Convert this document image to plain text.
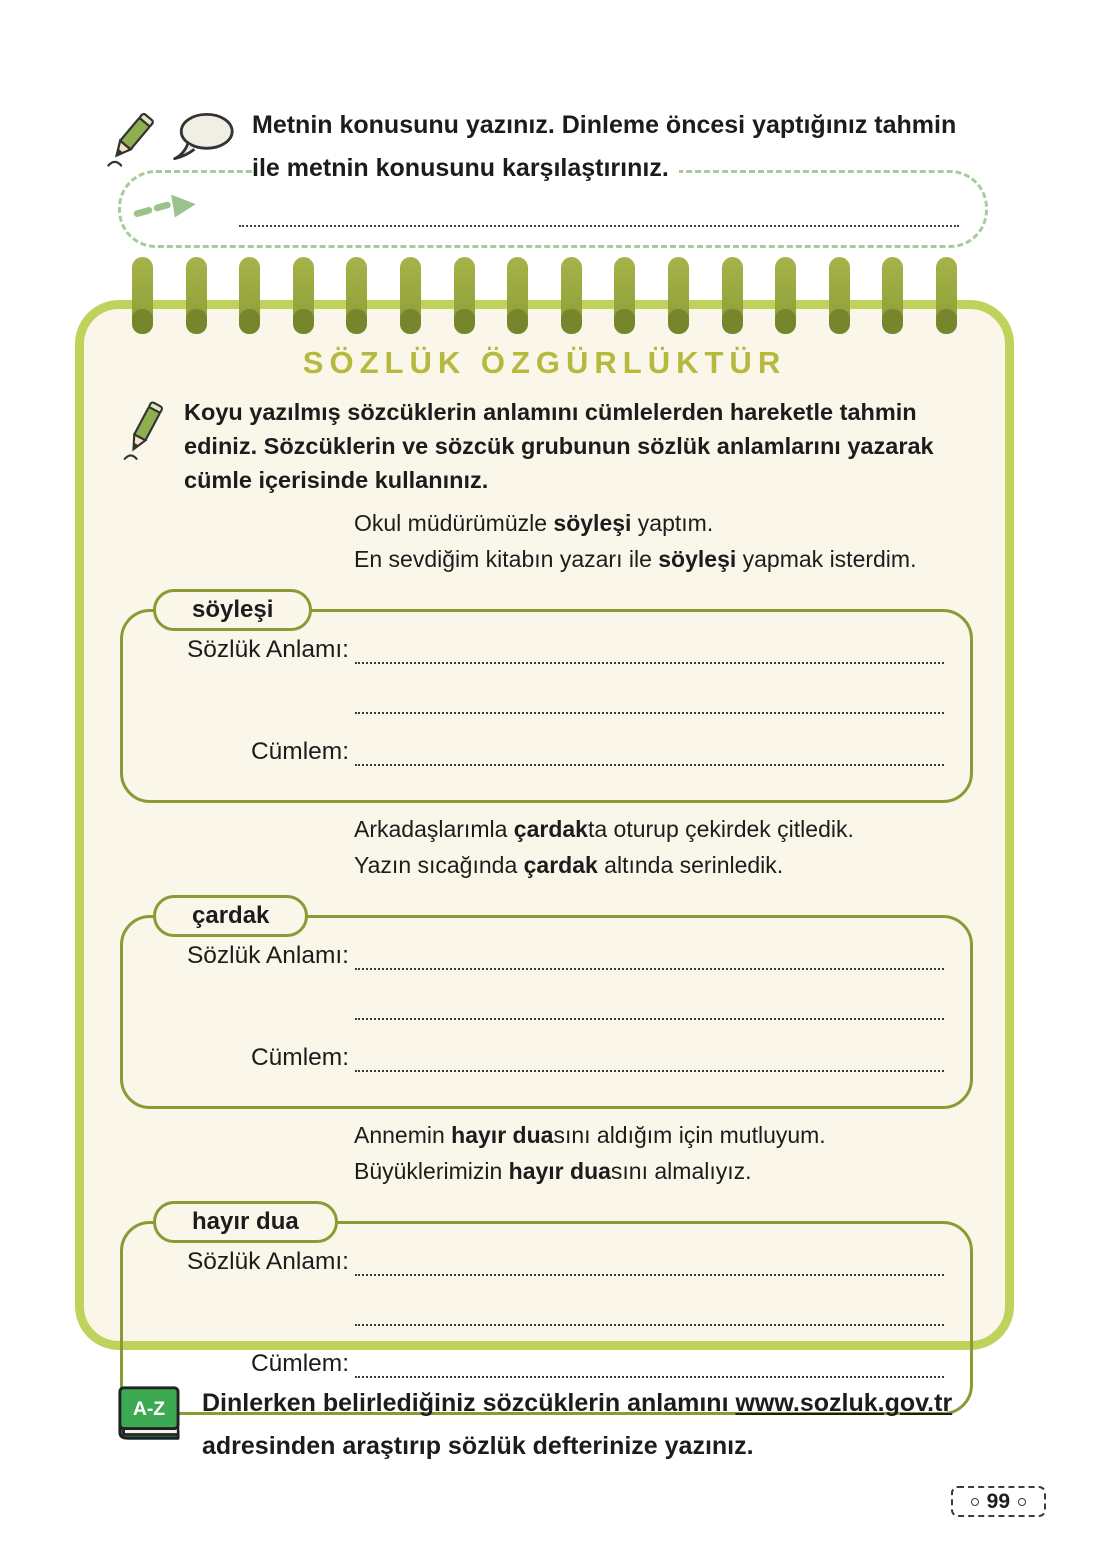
Metnin konusunu yazınız. Dinleme öncesi yaptığınız tahmin
ile metnin konusunu karşılaştırınız.
SÖZLÜK ÖZGÜRLÜKTÜR
Koyu yazılmış sözcüklerin anlamını cümlelerden hareketle tahmin ediniz. Sözcüklerin ve sözcük grubunun sözlük anlamlarını yazarak cümle içerisinde kullanınız.
Okul müdürümüzle söyleşi yaptım.
En sevdiğim kitabın yazarı ile söyleşi yapmak isterdim.
söyleşi
Sözlük Anlamı:
Cümlem:
Arkadaşlarımla çardakta oturup çekirdek çitledik.
Yazın sıcağında çardak altında serinledik.
çardak
Sözlük Anlamı:
Cümlem:
Annemin hayır duasını aldığım için mutluyum.
Büyüklerimizin hayır duasını almalıyız.
hayır dua
Sözlük Anlamı:
Cümlem:
A-Z Dinlerken belirlediğiniz sözcüklerin anlamını www.sozluk.gov.tr adresinden araştırıp sözlük defterinize yazınız.
99
